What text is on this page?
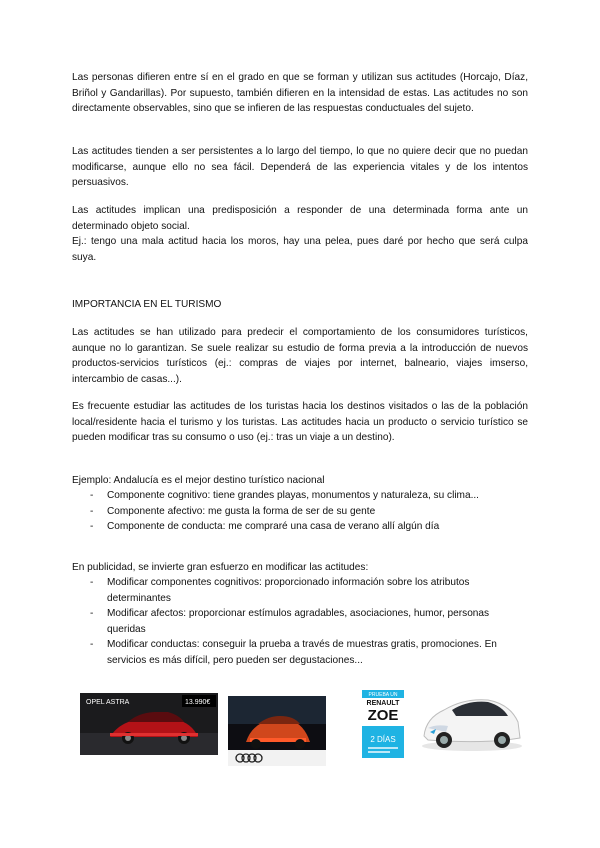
Las personas difieren entre sí en el grado en que se forman y utilizan sus actitudes (Horcajo, Díaz, Briñol y Gandarillas). Por supuesto, también difieren en la intensidad de estas. Las actitudes no son directamente observables, sino que se infieren de las respuestas conductuales del sujeto.

Las actitudes tienden a ser persistentes a lo largo del tiempo, lo que no quiere decir que no puedan modificarse, aunque ello no sea fácil. Dependerá de las experiencia vitales y de los intentos persuasivos.

Las actitudes implican una predisposición a responder de una determinada forma ante un determinado objeto social.

Ej.: tengo una mala actitud hacia los moros, hay una pelea, pues daré por hecho que será culpa suya.

IMPORTANCIA EN EL TURISMO

Las actitudes se han utilizado para predecir el comportamiento de los consumidores turísticos, aunque no lo garantizan. Se suele realizar su estudio de forma previa a la introducción de nuevos productos-servicios turísticos (ej.: compras de viajes por internet, balneario, viajes imserso, intercambio de casas...).

Es frecuente estudiar las actitudes de los turistas hacia los destinos visitados o las de la población local/residente hacia el turismo y los turistas. Las actitudes hacia un producto o servicio turístico se pueden modificar tras su consumo o uso (ej.: tras un viaje a un destino).

Ejemplo: Andalucía es el mejor destino turístico nacional

- Componente cognitivo: tiene grandes playas, monumentos y naturaleza, su clima...
- Componente afectivo: me gusta la forma de ser de su gente
- Componente de conducta: me compraré una casa de verano allí algún día

En publicidad, se invierte gran esfuerzo en modificar las actitudes:

- Modificar componentes cognitivos: proporcionado información sobre los atributos determinantes
- Modificar afectos: proporcionar estímulos agradables, asociaciones, humor, personas queridas
- Modificar conductas: conseguir la prueba a través de muestras gratis, promociones. En servicios es más difícil, pero pueden ser degustaciones...
OPEL ASTRA	13.990€
PRUEBA UN
RENAULT
ZOE
2 DÍAS
